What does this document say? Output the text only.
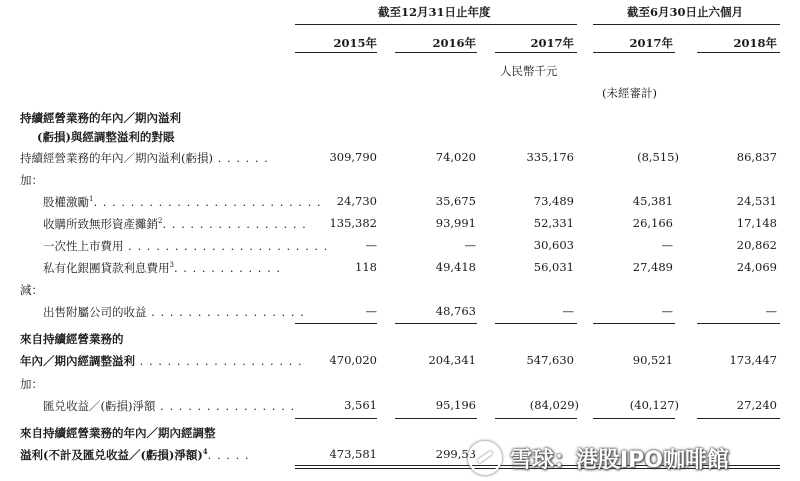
截至12月31日止年度	截至6月30日止六個月
2015年	2016年	2017年	2017年	2018年
人民幣千元
(未經審計)
持續經營業務的年內／期內溢利
(虧損)與經調整溢利的對賬
持續經營業務的年內／期內溢利(虧損) . . . . . .	309,790	74,020	335,176	(8,515)	86,837
加：
股權激勵$^1$. . . . . . . . . . . . . . . . . . . . . . . . .	24,730	35,675	73,489	45,381	24,531
收購所致無形資產攤銷$^2$. . . . . . . . . . . . . . . .	135,382	93,991	52,331	26,166	17,148
一次性上市費用 . . . . . . . . . . . . . . . . . . . . . .	—	—	30,603	—	20,862
私有化銀團貸款利息費用$^3$. . . . . . . . . . . .	118	49,418	56,031	27,489	24,069
減：
出售附屬公司的收益 . . . . . . . . . . . . . . . . .	—	48,763	—	—	—
來自持續經營業務的
年內／期內經調整溢利 . . . . . . . . . . . . . . . . . .	470,020	204,341	547,630	90,521	173,447
加：
匯兑收益／(虧損)淨額 . . . . . . . . . . . . . . .	3,561	95,196	(84,029)	(40,127)	27,240
來自持續經營業務的年內／期內經調整
溢利(不計及匯兑收益／(虧損)淨額)$^4$. . . . .	473,581	299,53 雪球：港股IPO咖啡館
